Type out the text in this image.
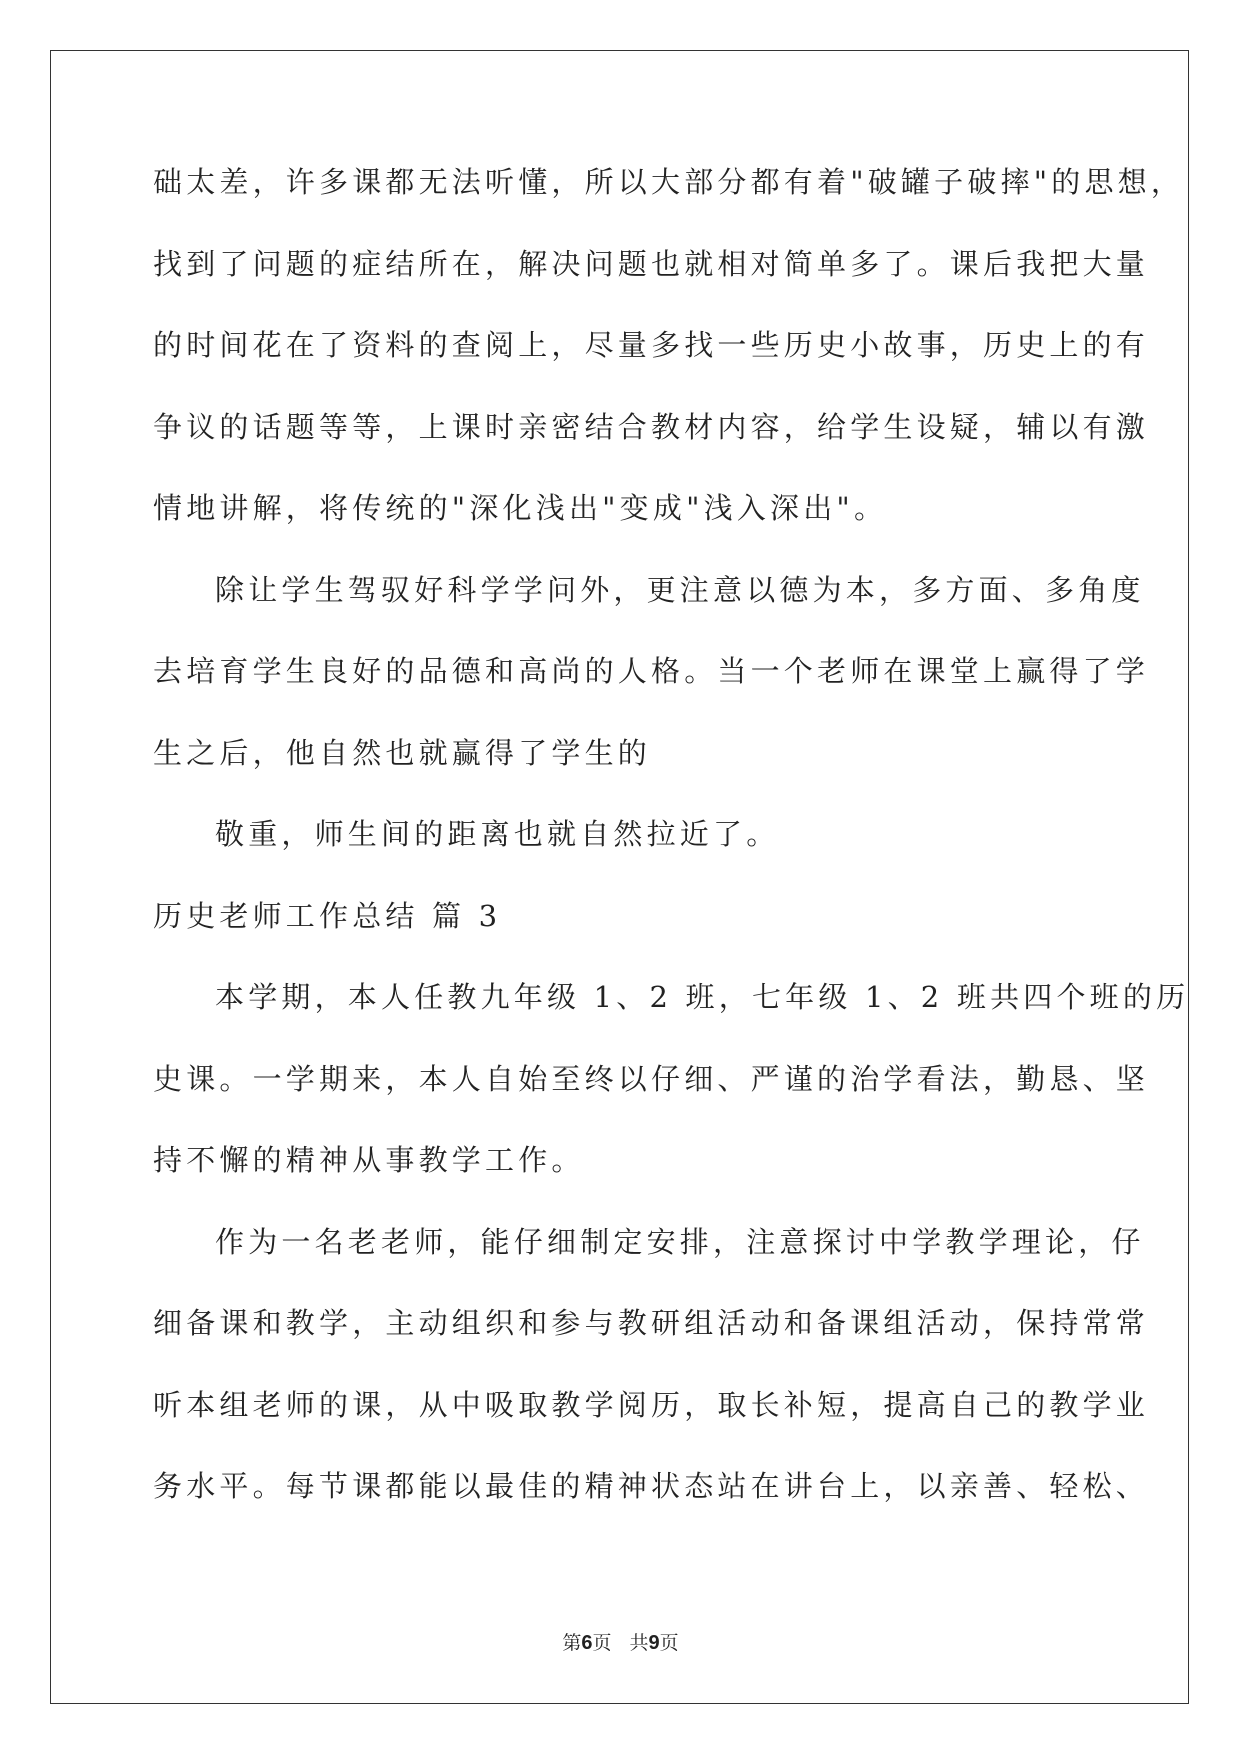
础太差，许多课都无法听懂，所以大部分都有着"破罐子破摔"的思想，
找到了问题的症结所在，解决问题也就相对简单多了。课后我把大量
的时间花在了资料的查阅上，尽量多找一些历史小故事，历史上的有
争议的话题等等，上课时亲密结合教材内容，给学生设疑，辅以有激
情地讲解，将传统的"深化浅出"变成"浅入深出"。
除让学生驾驭好科学学问外，更注意以德为本，多方面、多角度
去培育学生良好的品德和高尚的人格。当一个老师在课堂上赢得了学
生之后，他自然也就赢得了学生的
敬重，师生间的距离也就自然拉近了。
历史老师工作总结 篇 3
本学期，本人任教九年级 1、2 班，七年级 1、2 班共四个班的历
史课。一学期来，本人自始至终以仔细、严谨的治学看法，勤恳、坚
持不懈的精神从事教学工作。
作为一名老老师，能仔细制定安排，注意探讨中学教学理论，仔
细备课和教学，主动组织和参与教研组活动和备课组活动，保持常常
听本组老师的课，从中吸取教学阅历，取长补短，提高自己的教学业
务水平。每节课都能以最佳的精神状态站在讲台上，以亲善、轻松、
第6页 共9页
